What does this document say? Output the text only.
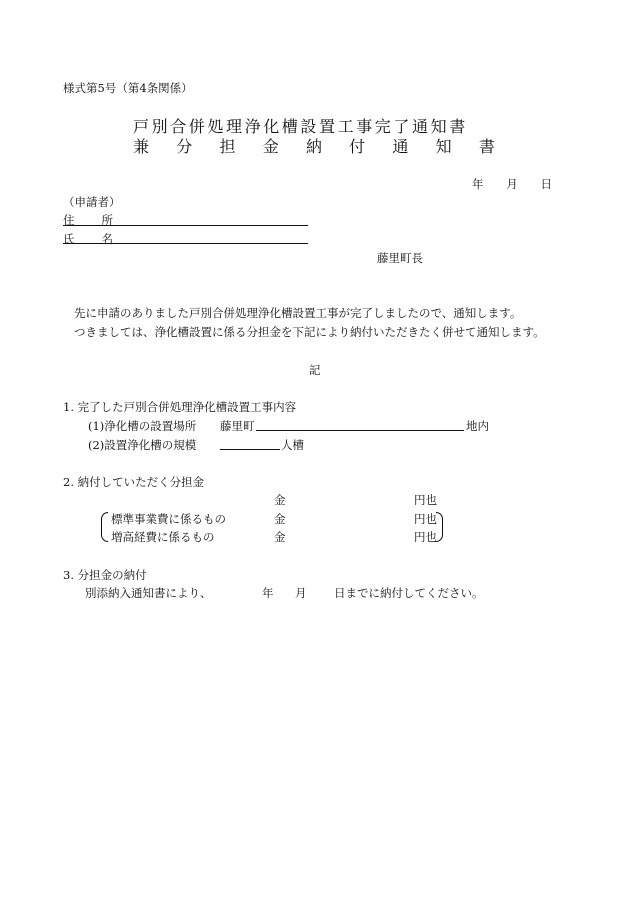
様式第5号（第4条関係）
戸別合併処理浄化槽設置工事完了通知書
兼 分 担 金 納 付 通 知 書
年 月 日
（申請者）
住 所
氏 名
藤里町長
先に申請のありました戸別合併処理浄化槽設置工事が完了しましたので、通知します。
つきましては、浄化槽設置に係る分担金を下記により納付いただきたく併せて通知します。
記
1. 完了した戸別合併処理浄化槽設置工事内容
(1)浄化槽の設置場所 藤里町	地内
(2)設置浄化槽の規模	人槽
2. 納付していただく分担金
金	円也
標準事業費に係るもの	金	円也
増高経費に係るもの	金	円也
3. 分担金の納付
別添納入通知書により、	年 月 日までに納付してください。
